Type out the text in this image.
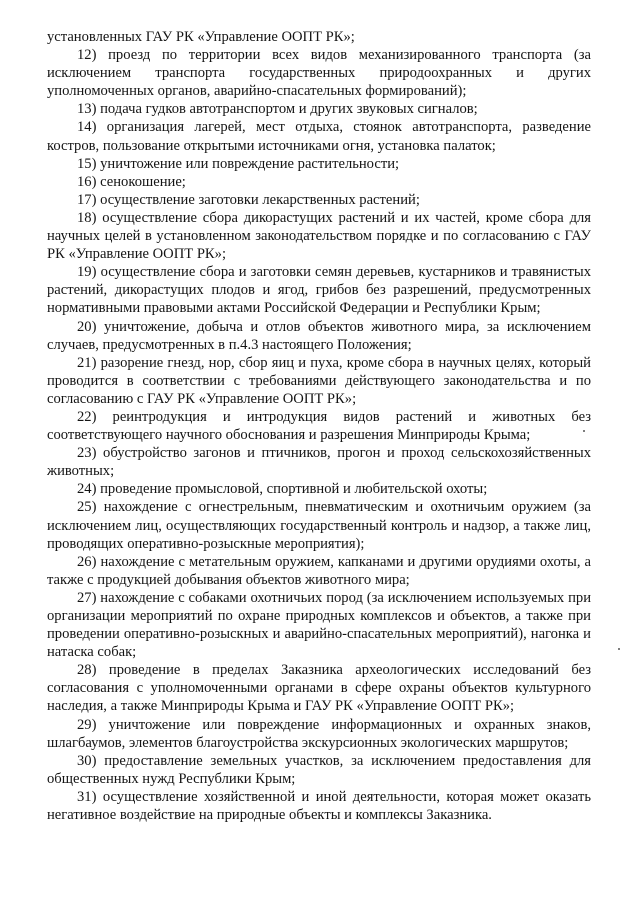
установленных ГАУ РК «Управление ООПТ РК»;

12) проезд по территории всех видов механизированного транспорта (за исключением транспорта государственных природоохранных и других уполномоченных органов, аварийно-спасательных формирований);

13) подача гудков автотранспортом и других звуковых сигналов;

14) организация лагерей, мест отдыха, стоянок автотранспорта, разведение костров, пользование открытыми источниками огня, установка палаток;

15) уничтожение или повреждение растительности;

16) сенокошение;

17) осуществление заготовки лекарственных растений;

18) осуществление сбора дикорастущих растений и их частей, кроме сбора для научных целей в установленном законодательством порядке и по согласованию с ГАУ РК «Управление ООПТ РК»;

19) осуществление сбора и заготовки семян деревьев, кустарников и травянистых растений, дикорастущих плодов и ягод, грибов без разрешений, предусмотренных нормативными правовыми актами Российской Федерации и Республики Крым;

20) уничтожение, добыча и отлов объектов животного мира, за исключением случаев, предусмотренных в п.4.3 настоящего Положения;

21) разорение гнезд, нор, сбор яиц и пуха, кроме сбора в научных целях, который проводится в соответствии с требованиями действующего законодательства и по согласованию с ГАУ РК «Управление ООПТ РК»;

22) реинтродукция и интродукция видов растений и животных без соответствующего научного обоснования и разрешения Минприроды Крыма;

23) обустройство загонов и птичников, прогон и проход сельскохозяйственных животных;

24) проведение промысловой, спортивной и любительской охоты;

25) нахождение с огнестрельным, пневматическим и охотничьим оружием (за исключением лиц, осуществляющих государственный контроль и надзор, а также лиц, проводящих оперативно-розыскные мероприятия);

26) нахождение с метательным оружием, капканами и другими орудиями охоты, а также с продукцией добывания объектов животного мира;

27) нахождение с собаками охотничьих пород (за исключением используемых при организации мероприятий по охране природных комплексов и объектов, а также при проведении оперативно-розыскных и аварийно-спасательных мероприятий), нагонка и натаска собак;

28) проведение в пределах Заказника археологических исследований без согласования с уполномоченными органами в сфере охраны объектов культурного наследия, а также Минприроды Крыма и ГАУ РК «Управление ООПТ РК»;

29) уничтожение или повреждение информационных и охранных знаков, шлагбаумов, элементов благоустройства экскурсионных экологических маршрутов;

30) предоставление земельных участков, за исключением предоставления для общественных нужд Республики Крым;

31) осуществление хозяйственной и иной деятельности, которая может оказать негативное воздействие на природные объекты и комплексы Заказника.
